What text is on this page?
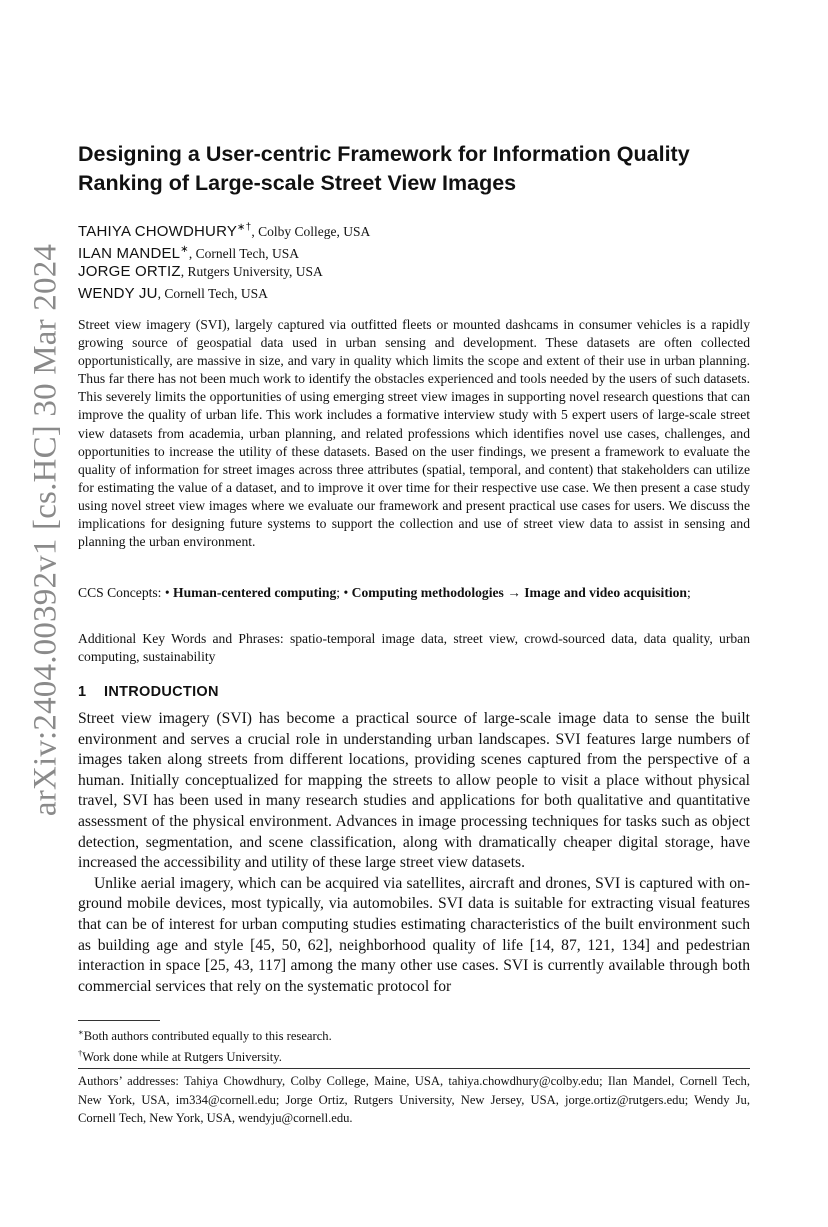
arXiv:2404.00392v1 [cs.HC] 30 Mar 2024
Designing a User-centric Framework for Information Quality Ranking of Large-scale Street View Images
TAHIYA CHOWDHURY∗†, Colby College, USA
ILAN MANDEL∗, Cornell Tech, USA
JORGE ORTIZ, Rutgers University, USA
WENDY JU, Cornell Tech, USA
Street view imagery (SVI), largely captured via outfitted fleets or mounted dashcams in consumer vehicles is a rapidly growing source of geospatial data used in urban sensing and development. These datasets are often collected opportunistically, are massive in size, and vary in quality which limits the scope and extent of their use in urban planning. Thus far there has not been much work to identify the obstacles experienced and tools needed by the users of such datasets. This severely limits the opportunities of using emerging street view images in supporting novel research questions that can improve the quality of urban life. This work includes a formative interview study with 5 expert users of large-scale street view datasets from academia, urban planning, and related professions which identifies novel use cases, challenges, and opportunities to increase the utility of these datasets. Based on the user findings, we present a framework to evaluate the quality of information for street images across three attributes (spatial, temporal, and content) that stakeholders can utilize for estimating the value of a dataset, and to improve it over time for their respective use case. We then present a case study using novel street view images where we evaluate our framework and present practical use cases for users. We discuss the implications for designing future systems to support the collection and use of street view data to assist in sensing and planning the urban environment.
CCS Concepts: • Human-centered computing; • Computing methodologies → Image and video acquisition;
Additional Key Words and Phrases: spatio-temporal image data, street view, crowd-sourced data, data quality, urban computing, sustainability
1 INTRODUCTION

Street view imagery (SVI) has become a practical source of large-scale image data to sense the built environment and serves a crucial role in understanding urban landscapes. SVI features large numbers of images taken along streets from different locations, providing scenes captured from the perspective of a human. Initially conceptualized for mapping the streets to allow people to visit a place without physical travel, SVI has been used in many research studies and applications for both qualitative and quantitative assessment of the physical environment. Advances in image processing techniques for tasks such as object detection, segmentation, and scene classification, along with dramatically cheaper digital storage, have increased the accessibility and utility of these large street view datasets.

Unlike aerial imagery, which can be acquired via satellites, aircraft and drones, SVI is captured with on-ground mobile devices, most typically, via automobiles. SVI data is suitable for extracting visual features that can be of interest for urban computing studies estimating characteristics of the built environment such as building age and style [45, 50, 62], neighborhood quality of life [14, 87, 121, 134] and pedestrian interaction in space [25, 43, 117] among the many other use cases. SVI is currently available through both commercial services that rely on the systematic protocol for

∗Both authors contributed equally to this research.
†Work done while at Rutgers University.
Authors’ addresses: Tahiya Chowdhury, Colby College, Maine, USA, tahiya.chowdhury@colby.edu; Ilan Mandel, Cornell Tech, New York, USA, im334@cornell.edu; Jorge Ortiz, Rutgers University, New Jersey, USA, jorge.ortiz@rutgers.edu; Wendy Ju, Cornell Tech, New York, USA, wendyju@cornell.edu.
